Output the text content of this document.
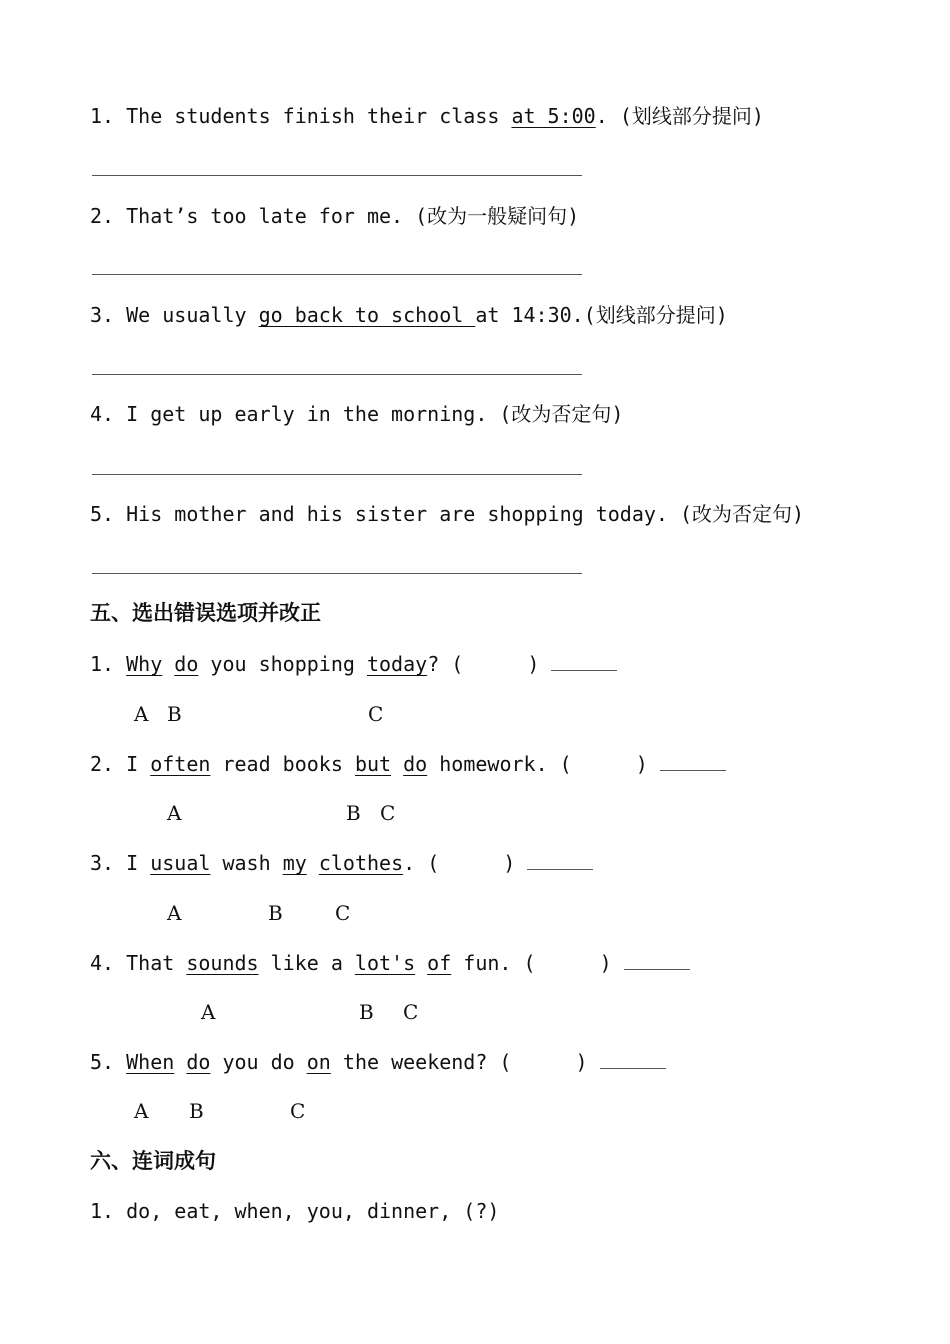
1. The students finish their class at 5:00. (划线部分提问)
2. That’s too late for me. (改为一般疑问句)
3. We usually go back to school at 14:30.(划线部分提问)
4. I get up early in the morning. (改为否定句)
5. His mother and his sister are shopping today. (改为否定句)
五、选出错误选项并改正
1. Why do you shopping today? (	)
A B	C
2. I often read books but do homework. (	)
A	B C
3. I usual wash my clothes. (	)
A	B	C
4. That sounds like a lot's of fun. (	)
A	B C
5. When do you do on the weekend? (	)
A B	C
六、连词成句
1. do, eat, when, you, dinner, (?)
